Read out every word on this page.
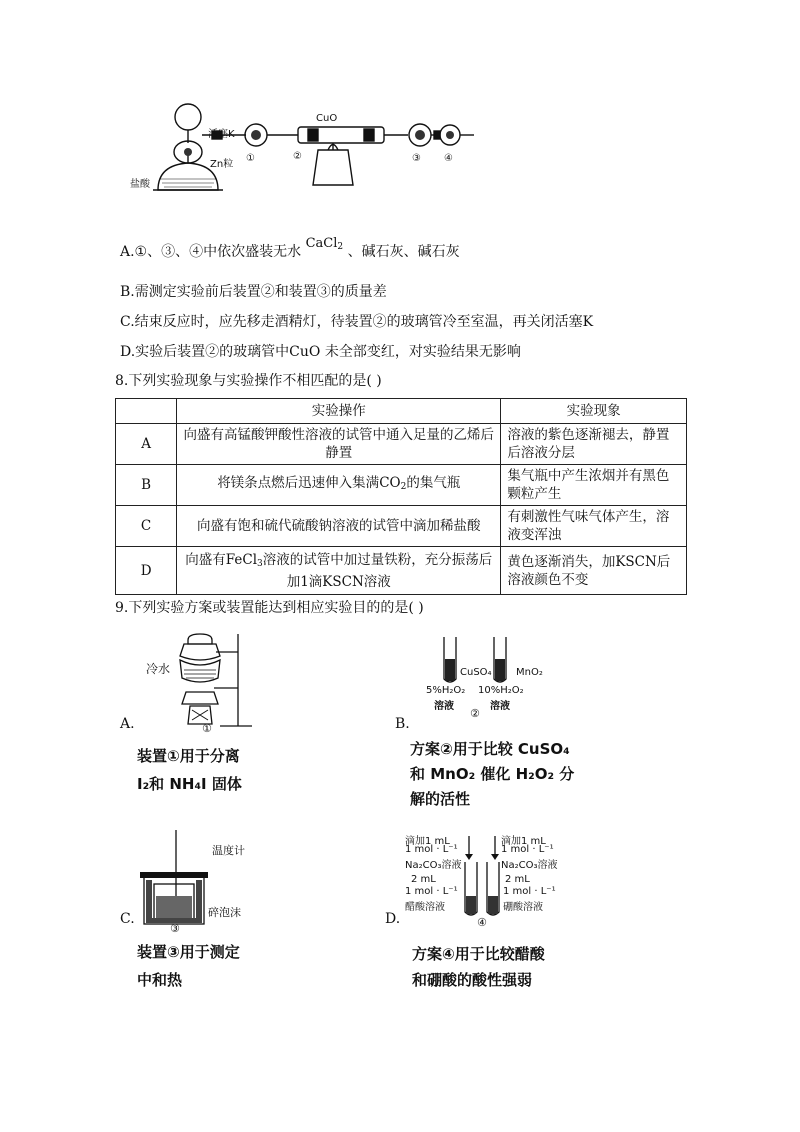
活塞K
Zn粒
盐酸
CuO
①	②	③ ④
A.①、③、④中依次盛装无水 CaCl$_2$ 、碱石灰、碱石灰
B.需测定实验前后装置②和装置③的质量差
C.结束反应时，应先移走酒精灯，待装置②的玻璃管冷至室温，再关闭活塞K
D.实验后装置②的玻璃管中CuO 未全部变红，对实验结果无影响
8.下列实验现象与实验操作不相匹配的是( )
	实验操作	实验现象
A	向盛有高锰酸钾酸性溶液的试管中通入足量的乙烯后静置	溶液的紫色逐渐褪去，静置后溶液分层
B	将镁条点燃后迅速伸入集满$CO_2$的集气瓶	集气瓶中产生浓烟并有黑色颗粒产生
C	向盛有饱和硫代硫酸钠溶液的试管中滴加稀盐酸	有刺激性气味气体产生，溶液变浑浊
D	向盛有FeCl$_3$溶液的试管中加过量铁粉，充分振荡后加1滴KSCN溶液	黄色逐渐消失，加KSCN后溶液颜色不变
9.下列实验方案或装置能达到相应实验目的的是( )
冷水
①
A.
装置①用于分离
I₂和 NH₄I 固体
CuSO₄ MnO₂
5%H₂O₂ 10%H₂O₂
溶液	溶液
②
B.
方案②用于比较 CuSO₄
和 MnO₂ 催化 H₂O₂ 分
解的活性
温度计
碎泡沫
③
C.
装置③用于测定
中和热
滴加1 mL
1 mol · L⁻¹
Na₂CO₃溶液
滴加1 mL
1 mol · L⁻¹
Na₂CO₃溶液
2 mL
1 mol · L⁻¹
醋酸溶液
2 mL
1 mol · L⁻¹
硼酸溶液
④
D.
方案④用于比较醋酸
和硼酸的酸性强弱
